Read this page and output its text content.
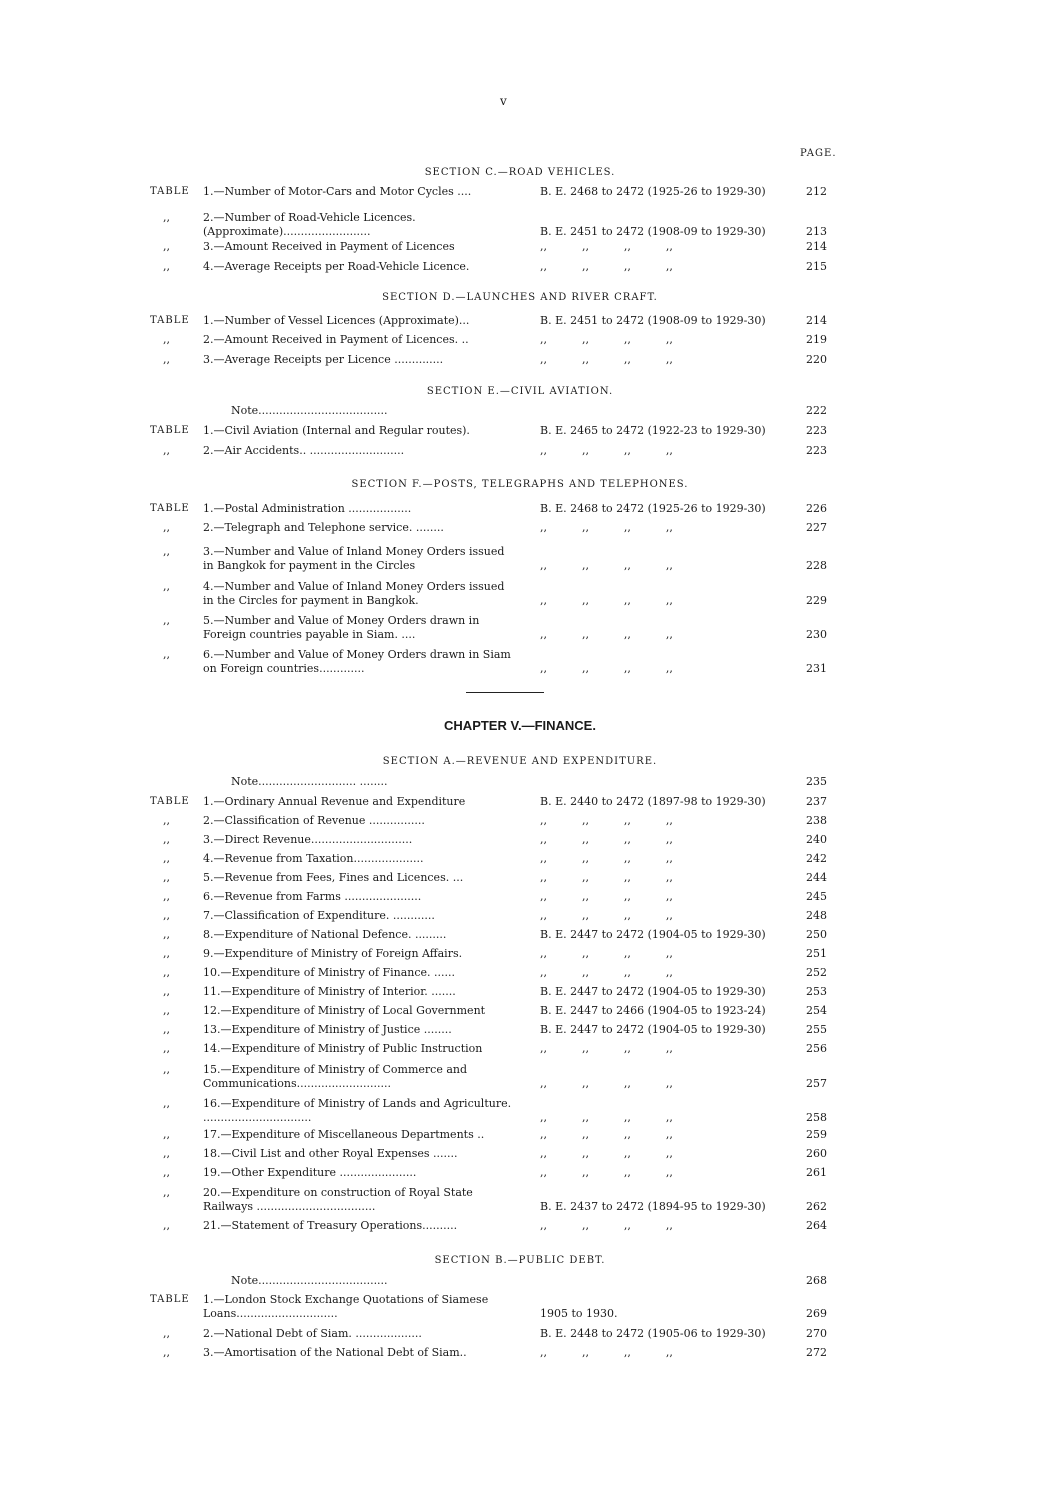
v
PAGE.
SECTION C.—ROAD VEHICLES.
TABLE 1.—Number of Motor-Cars and Motor Cycles ....	B. E. 2468 to 2472 (1925-26 to 1929-30)	212
,,	2.—Number of Road-Vehicle Licences. (Approximate).........................	B. E. 2451 to 2472 (1908-09 to 1929-30)	213
,,	3.—Amount Received in Payment of Licences	,,          ,,          ,,          ,,	214
,,	4.—Average Receipts per Road-Vehicle Licence.	,,          ,,          ,,          ,,	215
SECTION D.—LAUNCHES AND RIVER CRAFT.
TABLE 1.—Number of Vessel Licences (Approximate)...	B. E. 2451 to 2472 (1908-09 to 1929-30)	214
,,	2.—Amount Received in Payment of Licences. ..	,,          ,,          ,,          ,,	219
,,	3.—Average Receipts per Licence ..............	,,          ,,          ,,          ,,	220
SECTION E.—CIVIL AVIATION.
Note.....................................	222
TABLE 1.—Civil Aviation (Internal and Regular routes).	B. E. 2465 to 2472 (1922-23 to 1929-30)	223
,,	2.—Air Accidents.. ...........................	,,          ,,          ,,          ,,	223
SECTION F.—POSTS, TELEGRAPHS AND TELEPHONES.
TABLE 1.—Postal Administration ..................	B. E. 2468 to 2472 (1925-26 to 1929-30)	226
,,	2.—Telegraph and Telephone service. ........	,,          ,,          ,,          ,,	227
,,	3.—Number and Value of Inland Money Orders issued in Bangkok for payment in the Circles	,,          ,,          ,,          ,,	228
,,	4.—Number and Value of Inland Money Orders issued in the Circles for payment in Bangkok.	,,          ,,          ,,          ,,	229
,,	5.—Number and Value of Money Orders drawn in Foreign countries payable in Siam. ....	,,          ,,          ,,          ,,	230
,,	6.—Number and Value of Money Orders drawn in Siam on Foreign countries.............	,,          ,,          ,,          ,,	231
SECTION A.—REVENUE AND EXPENDITURE.
Note............................ ........	235
TABLE 1.—Ordinary Annual Revenue and Expenditure	B. E. 2440 to 2472 (1897-98 to 1929-30)	237
,,	2.—Classification of Revenue ................	,,          ,,          ,,          ,,	238
,,	3.—Direct Revenue.............................	,,          ,,          ,,          ,,	240
,,	4.—Revenue from Taxation....................	,,          ,,          ,,          ,,	242
,,	5.—Revenue from Fees, Fines and Licences. ...	,,          ,,          ,,          ,,	244
,,	6.—Revenue from Farms ......................	,,          ,,          ,,          ,,	245
,,	7.—Classification of Expenditure. ............	,,          ,,          ,,          ,,	248
,,	8.—Expenditure of National Defence. .........	B. E. 2447 to 2472 (1904-05 to 1929-30)	250
,,	9.—Expenditure of Ministry of Foreign Affairs.	,,          ,,          ,,          ,,	251
,,	10.—Expenditure of Ministry of Finance. ......	,,          ,,          ,,          ,,	252
,,	11.—Expenditure of Ministry of Interior. .......	B. E. 2447 to 2472 (1904-05 to 1929-30)	253
,,	12.—Expenditure of Ministry of Local Government	B. E. 2447 to 2466 (1904-05 to 1923-24)	254
,,	13.—Expenditure of Ministry of Justice ........	B. E. 2447 to 2472 (1904-05 to 1929-30)	255
,,	14.—Expenditure of Ministry of Public Instruction	,,          ,,          ,,          ,,	256
,,	15.—Expenditure of Ministry of Commerce and Communications...........................	,,          ,,          ,,          ,,	257
,,	16.—Expenditure of Ministry of Lands and Agriculture. ...............................	,,          ,,          ,,          ,,	258
,,	17.—Expenditure of Miscellaneous Departments ..	,,          ,,          ,,          ,,	259
,,	18.—Civil List and other Royal Expenses .......	,,          ,,          ,,          ,,	260
,,	19.—Other Expenditure ......................	,,          ,,          ,,          ,,	261
,,	20.—Expenditure on construction of Royal State Railways ..................................	B. E. 2437 to 2472 (1894-95 to 1929-30)	262
,,	21.—Statement of Treasury Operations..........	,,          ,,          ,,          ,,	264
SECTION B.—PUBLIC DEBT.
Note.....................................	268
TABLE 1.—London Stock Exchange Quotations of Siamese Loans.............................	1905 to 1930.	269
,,	2.—National Debt of Siam. ...................	B. E. 2448 to 2472 (1905-06 to 1929-30)	270
,,	3.—Amortisation of the National Debt of Siam..	,,          ,,          ,,          ,,	272
CHAPTER V.—FINANCE.
